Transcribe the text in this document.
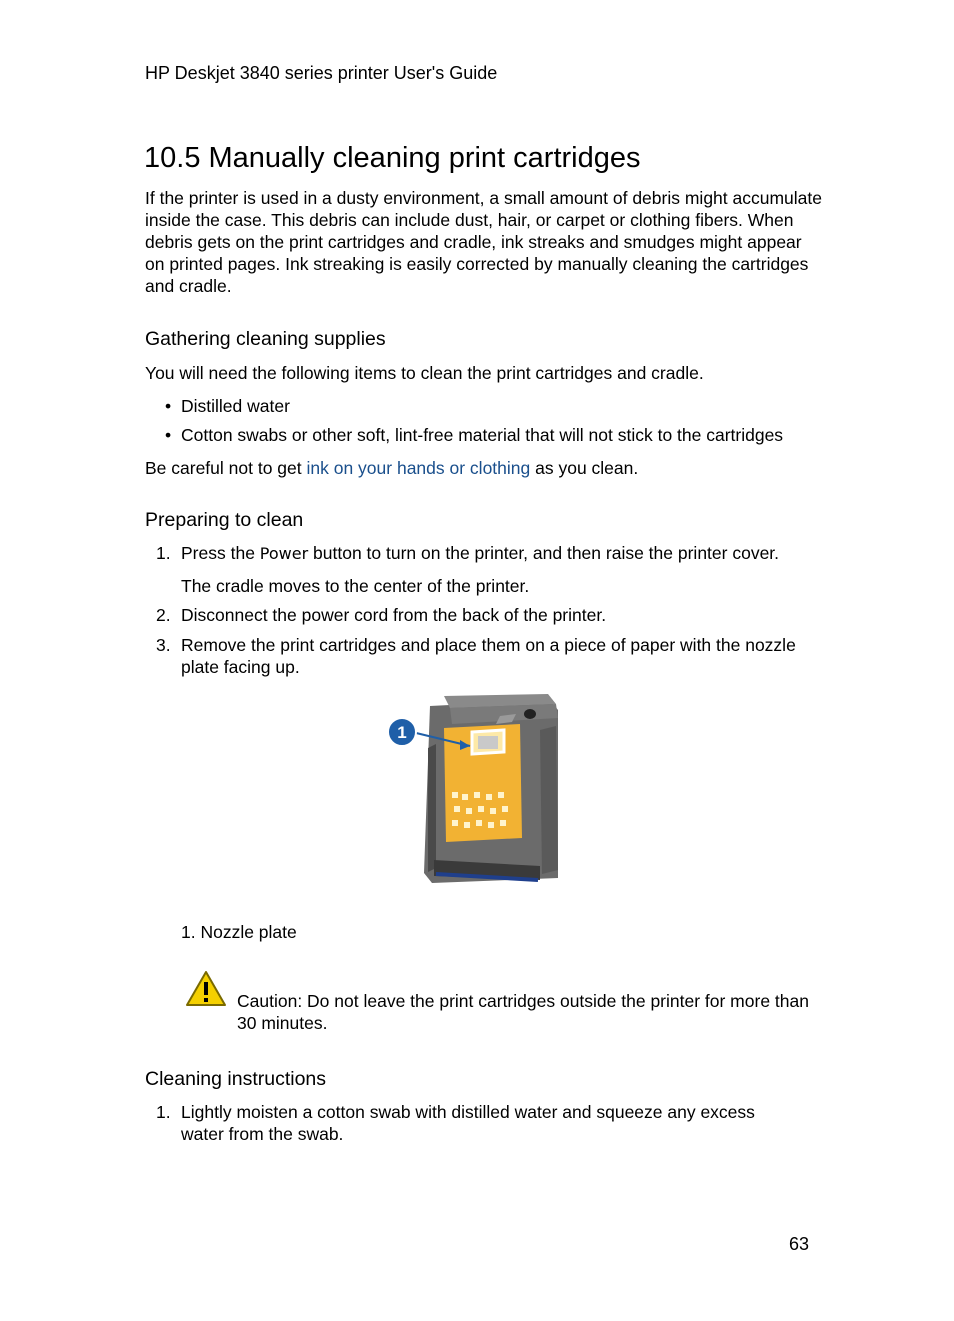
HP Deskjet 3840 series printer User's Guide
10.5 Manually cleaning print cartridges

If the printer is used in a dusty environment, a small amount of debris might accumulate inside the case. This debris can include dust, hair, or carpet or clothing fibers. When debris gets on the print cartridges and cradle, ink streaks and smudges might appear on printed pages. Ink streaking is easily corrected by manually cleaning the cartridges and cradle.

Gathering cleaning supplies
You will need the following items to clean the print cartridges and cradle.
• Distilled water
• Cotton swabs or other soft, lint-free material that will not stick to the cartridges
Be careful not to get ink on your hands or clothing as you clean.
Preparing to clean
1. Press the Power button to turn on the printer, and then raise the printer cover.
The cradle moves to the center of the printer.
2. Disconnect the power cord from the back of the printer.
3. Remove the print cartridges and place them on a piece of paper with the nozzle plate facing up.
1
1. Nozzle plate
Caution: Do not leave the print cartridges outside the printer for more than 30 minutes.
Cleaning instructions
1. Lightly moisten a cotton swab with distilled water and squeeze any excess water from the swab.
63
